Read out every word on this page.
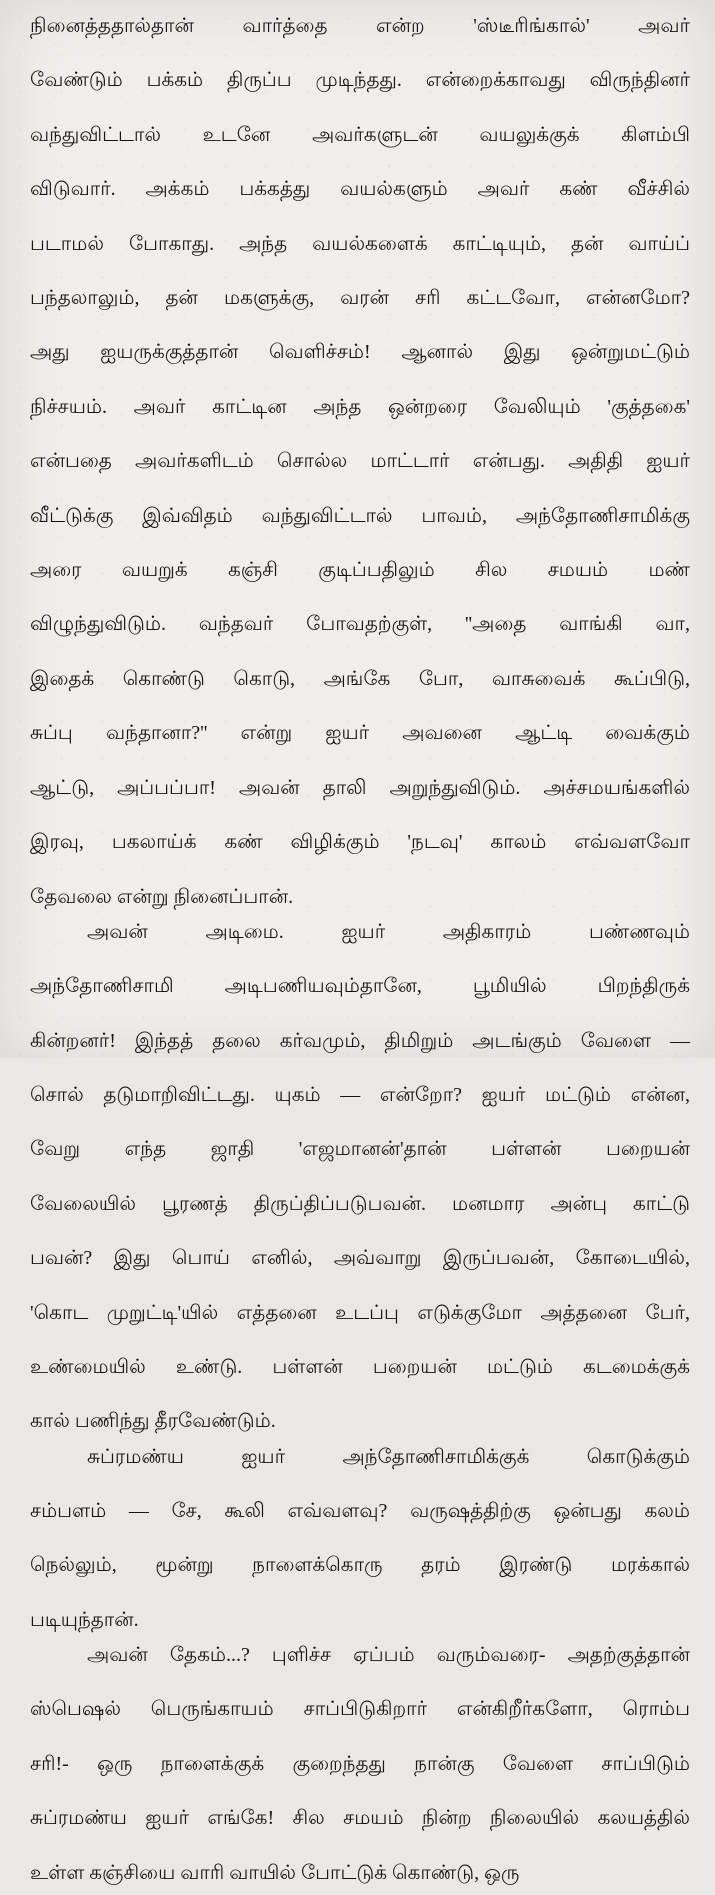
நினைத்ததால்தான் வார்த்தை என்ற 'ஸ்டீரிங்கால்' அவர்
வேண்டும் பக்கம் திருப்ப முடிந்தது. என்றைக்காவது விருந்தினர்
வந்துவிட்டால் உடனே அவர்களுடன் வயலுக்குக் கிளம்பி
விடுவார். அக்கம் பக்கத்து வயல்களும் அவர் கண் வீச்சில்
படாமல் போகாது. அந்த வயல்களைக் காட்டியும், தன் வாய்ப்
பந்தலாலும், தன் மகளுக்கு, வரன் சரி கட்டவோ, என்னமோ?
அது ஐயருக்குத்தான் வெளிச்சம்! ஆனால் இது ஒன்றுமட்டும்
நிச்சயம். அவர் காட்டின அந்த ஒன்றரை வேலியும் 'குத்தகை'
என்பதை அவர்களிடம் சொல்ல மாட்டார் என்பது. அதிதி ஐயர்
வீட்டுக்கு இவ்விதம் வந்துவிட்டால் பாவம், அந்தோணிசாமிக்கு
அரை வயறுக் கஞ்சி குடிப்பதிலும் சில சமயம் மண்
விழுந்துவிடும். வந்தவர் போவதற்குள், ''அதை வாங்கி வா,
இதைக் கொண்டு கொடு, அங்கே போ, வாசுவைக் கூப்பிடு,
சுப்பு வந்தானா?'' என்று ஐயர் அவனை ஆட்டி வைக்கும்
ஆட்டு, அப்பப்பா! அவன் தாலி அறுந்துவிடும். அச்சமயங்களில்
இரவு, பகலாய்க் கண் விழிக்கும் 'நடவு' காலம் எவ்வளவோ
தேவலை என்று நினைப்பான்.
அவன் அடிமை. ஐயர் அதிகாரம் பண்ணவும்
அந்தோணிசாமி அடிபணியவும்தானே, பூமியில் பிறந்திருக்
கின்றனர்! இந்தத் தலை கர்வமும், திமிறும் அடங்கும் வேளை —
சொல் தடுமாறிவிட்டது. யுகம் — என்றோ? ஐயர் மட்டும் என்ன,
வேறு எந்த ஜாதி 'எஜமானன்'தான் பள்ளன் பறையன்
வேலையில் பூரணத் திருப்திப்படுபவன். மனமார அன்பு காட்டு
பவன்? இது பொய் எனில், அவ்வாறு இருப்பவன், கோடையில்,
'கொட முறுட்டி'யில் எத்தனை உடப்பு எடுக்குமோ அத்தனை பேர்,
உண்மையில் உண்டு. பள்ளன் பறையன் மட்டும் கடமைக்குக்
கால் பணிந்து தீரவேண்டும்.
சுப்ரமண்ய ஐயர் அந்தோணிசாமிக்குக் கொடுக்கும்
சம்பளம் — சே, கூலி எவ்வளவு? வருஷத்திற்கு ஒன்பது கலம்
நெல்லும், மூன்று நாளைக்கொரு தரம் இரண்டு மரக்கால்
படியுந்தான்.
அவன் தேகம்...? புளிச்ச ஏப்பம் வரும்வரை- அதற்குத்தான்
ஸ்பெஷல் பெருங்காயம் சாப்பிடுகிறார் என்கிறீர்களோ, ரொம்ப
சரி!- ஒரு நாளைக்குக் குறைந்தது நான்கு வேளை சாப்பிடும்
சுப்ரமண்ய ஐயர் எங்கே! சில சமயம் நின்ற நிலையில் கலயத்தில்
உள்ள கஞ்சியை வாரி வாயில் போட்டுக் கொண்டு, ஒரு
